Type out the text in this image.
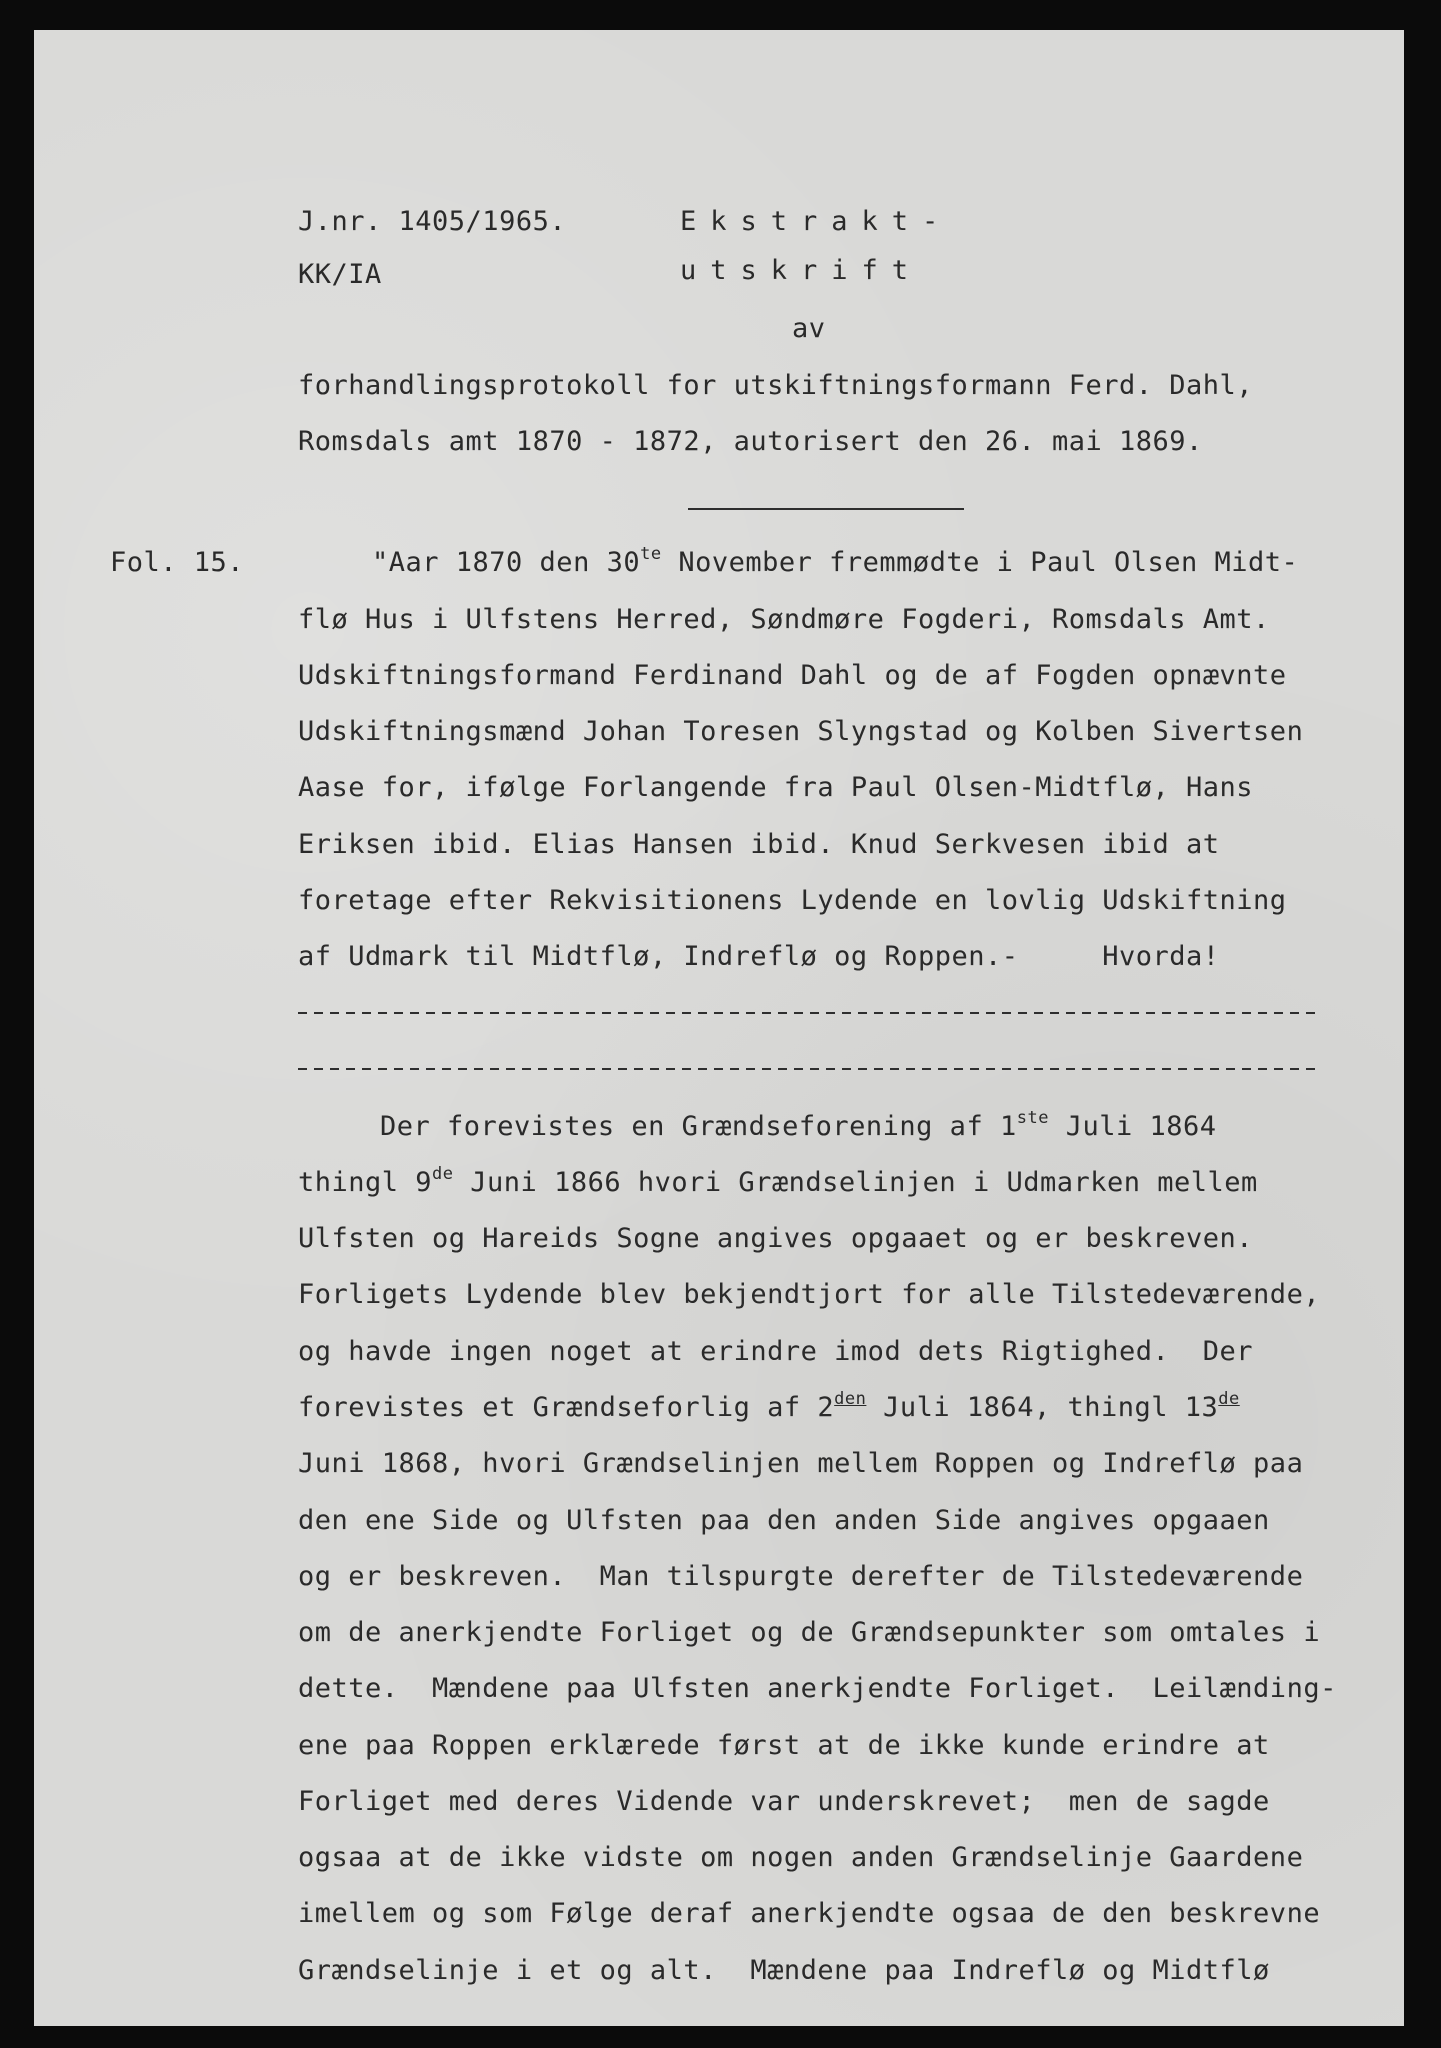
J.nr. 1405/1965.	Ekstrakt-

KK/IA	utskrift

av

forhandlingsprotokoll for utskiftningsformann Ferd. Dahl,

Romsdals amt 1870 - 1872, autorisert den 26. mai 1869.

Fol. 15.	"Aar 1870 den $30^{te}$ November fremmødte i Paul Olsen Midt-

flø Hus i Ulfstens Herred, Søndmøre Fogderi, Romsdals Amt.

Udskiftningsformand Ferdinand Dahl og de af Fogden opnævnte

Udskiftningsmænd Johan Toresen Slyngstad og Kolben Sivertsen

Aase for, ifølge Forlangende fra Paul Olsen-Midtflø, Hans

Eriksen ibid. Elias Hansen ibid. Knud Serkvesen ibid at

foretage efter Rekvisitionens Lydende en lovlig Udskiftning

af Udmark til Midtflø, Indreflø og Roppen.-     Hvorda!

Der forevistes en Grændseforening af 1ste Juli 1864

thingl 9de Juni 1866 hvori Grændselinjen i Udmarken mellem

Ulfsten og Hareids Sogne angives opgaaet og er beskreven.

Forligets Lydende blev bekjendtjort for alle Tilstedeværende,

og havde ingen noget at erindre imod dets Rigtighed.  Der

forevistes et Grændseforlig af $2^{den}$ Juli 1864, thingl 13de

Juni 1868, hvori Grændselinjen mellem Roppen og Indreflø paa

den ene Side og Ulfsten paa den anden Side angives opgaaen

og er beskreven.  Man tilspurgte derefter de Tilstedeværende

om de anerkjendte Forliget og de Grændsepunkter som omtales i

dette.  Mændene paa Ulfsten anerkjendte Forliget.  Leilænding-

ene paa Roppen erklærede først at de ikke kunde erindre at

Forliget med deres Vidende var underskrevet;  men de sagde

ogsaa at de ikke vidste om nogen anden Grændselinje Gaardene

imellem og som Følge deraf anerkjendte ogsaa de den beskrevne

Grændselinje i et og alt.  Mændene paa Indreflø og Midtflø
